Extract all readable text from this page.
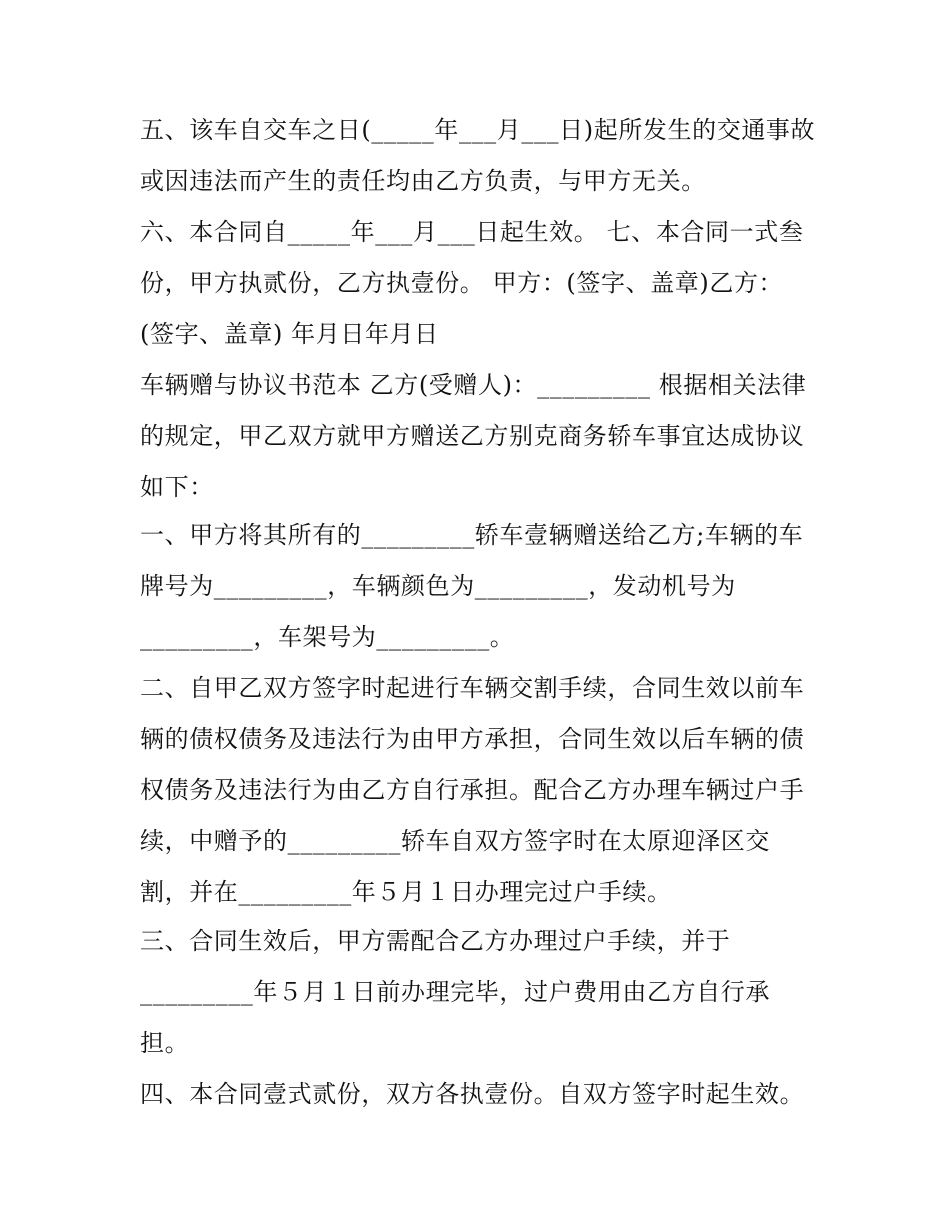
五、该车自交车之日(_____年___月___日)起所发生的交通事故
或因违法而产生的责任均由乙方负责，与甲方无关。
六、本合同自_____年___月___日起生效。 七、本合同一式叁
份，甲方执贰份，乙方执壹份。 甲方：(签字、盖章)乙方：
(签字、盖章) 年月日年月日
车辆赠与协议书范本 乙方(受赠人)：_________ 根据相关法律
的规定，甲乙双方就甲方赠送乙方别克商务轿车事宜达成协议
如下：
一、甲方将其所有的_________轿车壹辆赠送给乙方;车辆的车
牌号为_________，车辆颜色为_________，发动机号为
_________，车架号为_________。
二、自甲乙双方签字时起进行车辆交割手续，合同生效以前车
辆的债权债务及违法行为由甲方承担，合同生效以后车辆的债
权债务及违法行为由乙方自行承担。配合乙方办理车辆过户手
续，中赠予的_________轿车自双方签字时在太原迎泽区交
割，并在_________年５月１日办理完过户手续。
三、合同生效后，甲方需配合乙方办理过户手续，并于
_________年５月１日前办理完毕，过户费用由乙方自行承
担。
四、本合同壹式贰份，双方各执壹份。自双方签字时起生效。
